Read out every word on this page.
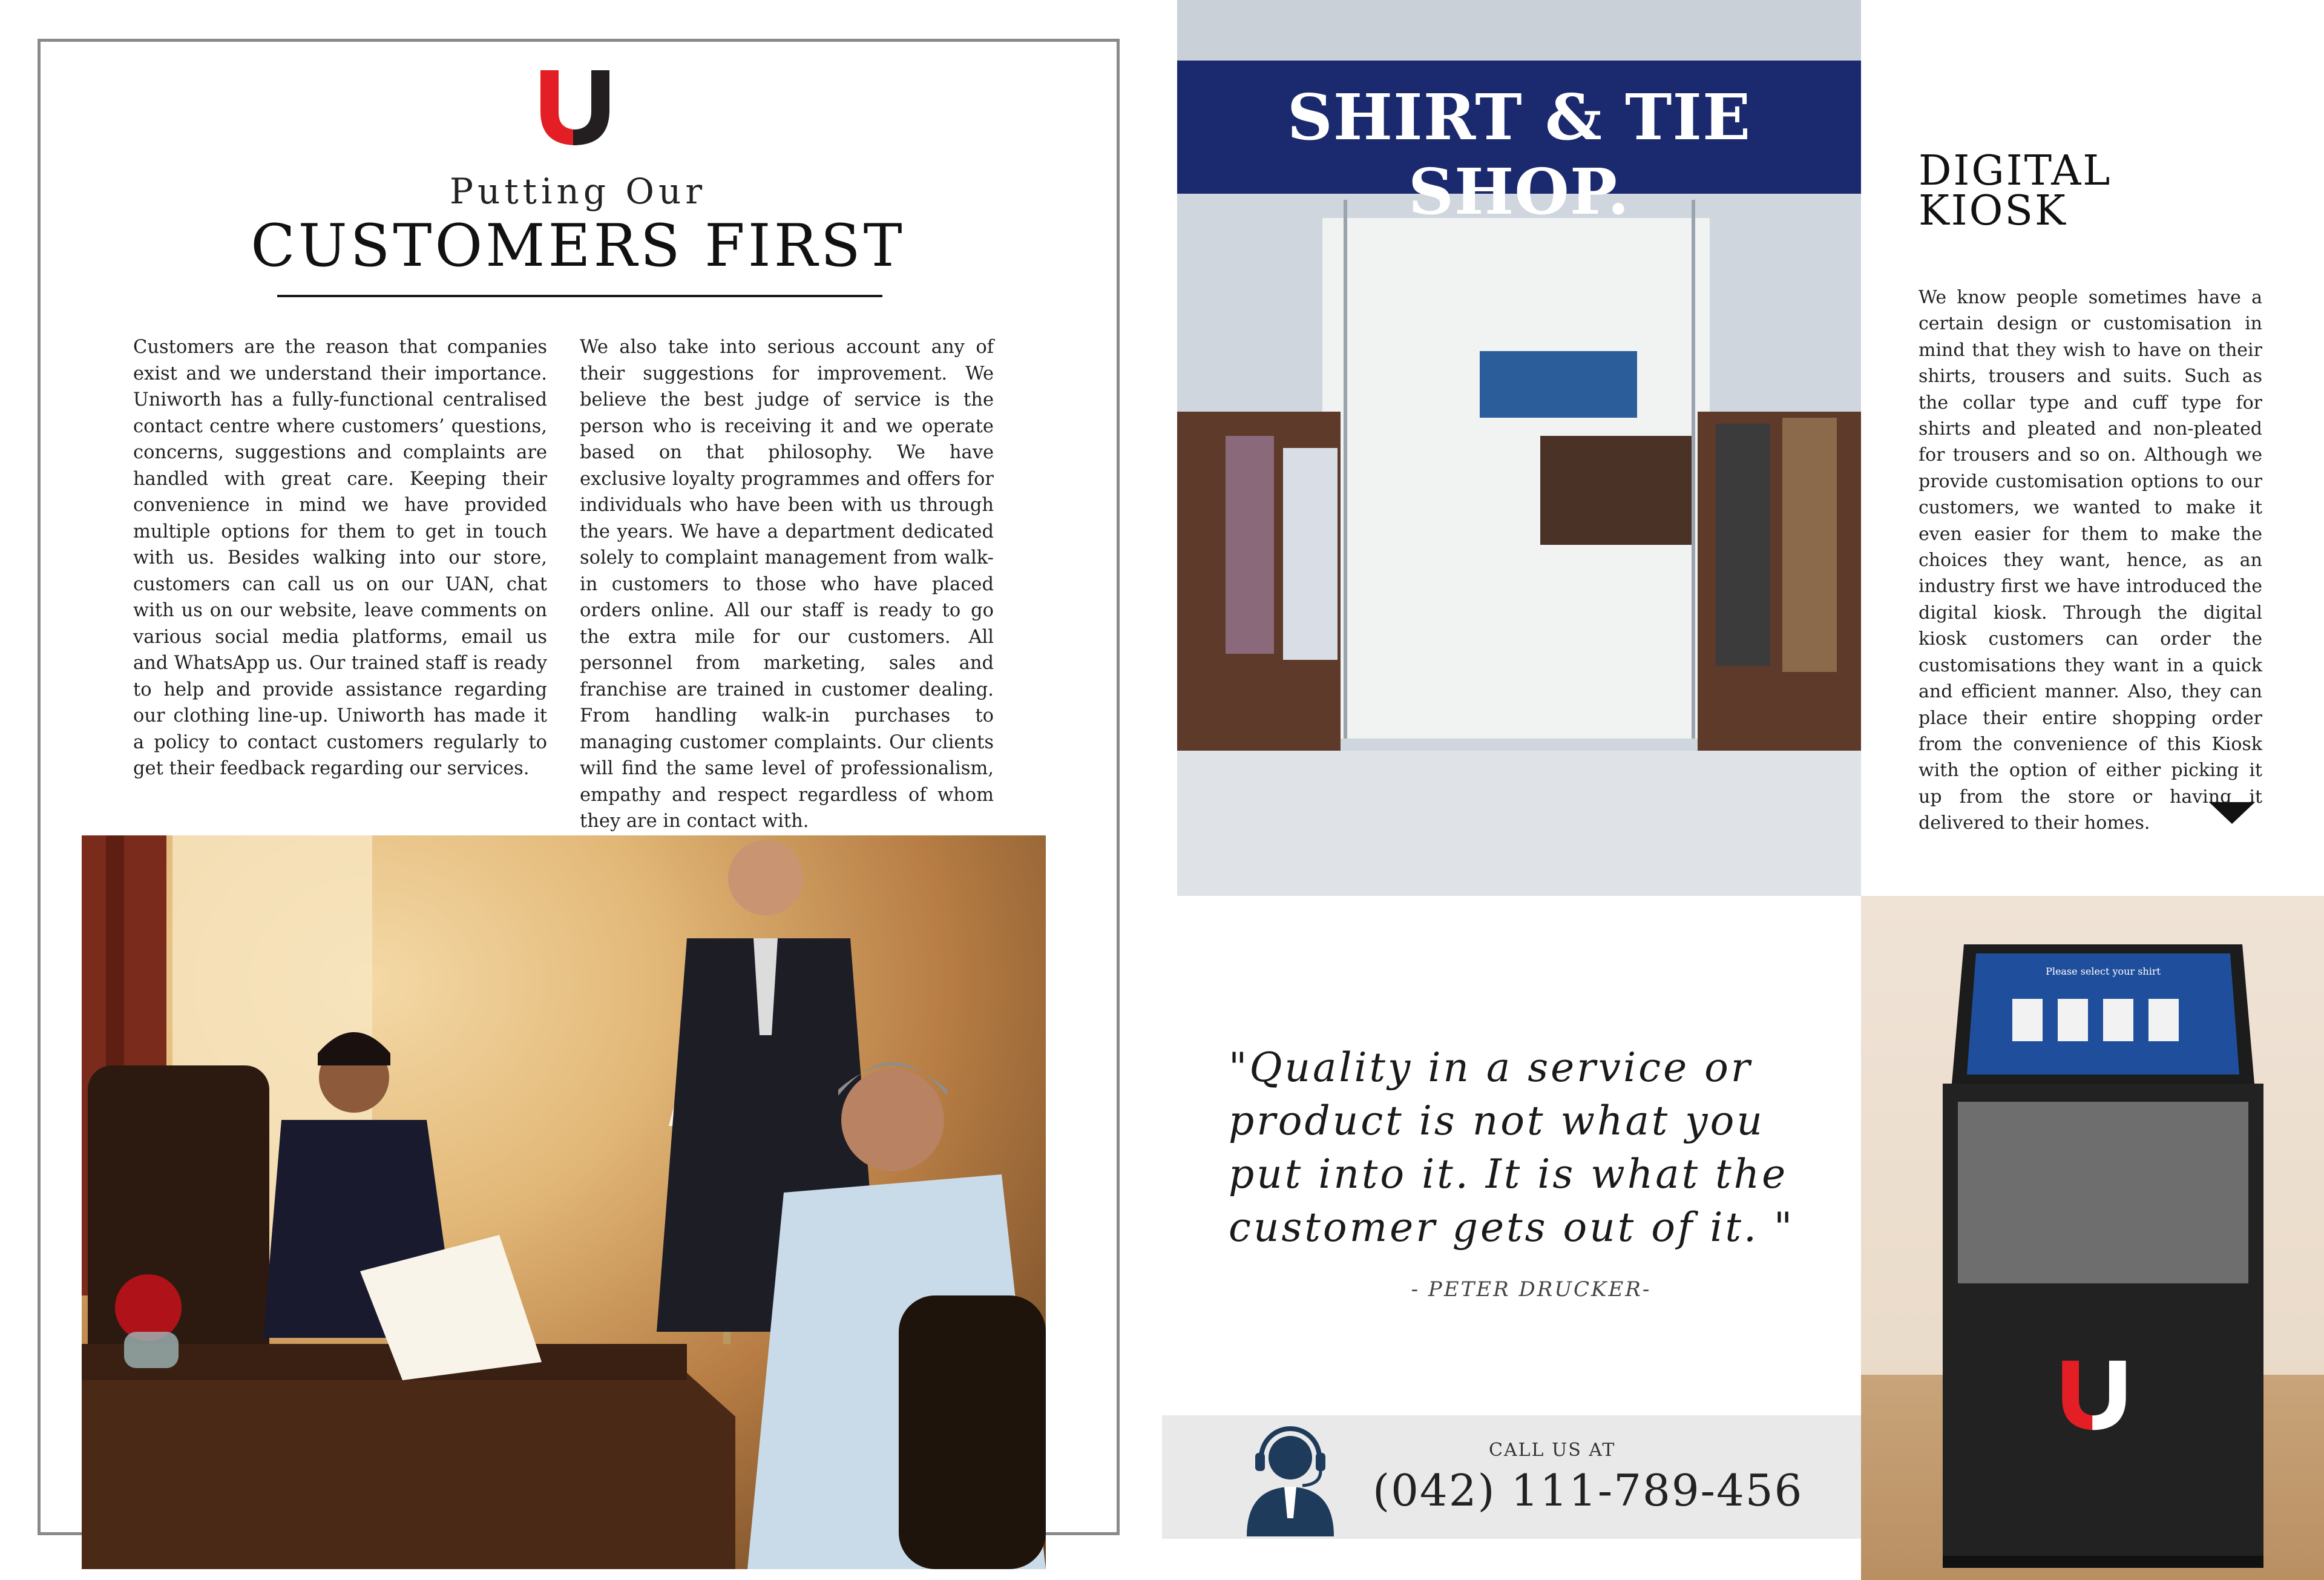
Putting Our
CUSTOMERS FIRST
Customers are the reason that companies exist and we understand their importance. Uniworth has a fully-functional centralised contact centre where customers’ questions, concerns, suggestions and complaints are handled with great care. Keeping their convenience in mind we have provided multiple options for them to get in touch with us. Besides walking into our store, customers can call us on our UAN, chat with us on our website, leave comments on various social media platforms, email us and WhatsApp us. Our trained staff is ready to help and provide assistance regarding our clothing line-up. Uniworth has made it a policy to contact customers regularly to get their feedback regarding our services.
We also take into serious account any of their suggestions for improvement. We believe the best judge of service is the person who is receiving it and we operate based on that philosophy. We have exclusive loyalty programmes and offers for individuals who have been with us through the years. We have a department dedicated solely to complaint management from walk-in customers to those who have placed orders online. All our staff is ready to go the extra mile for our customers. All personnel from marketing, sales and franchise are trained in customer dealing. From handling walk-in purchases to managing customer complaints. Our clients will find the same level of professionalism, empathy and respect regardless of whom they are in contact with.
SHIRT & TIE SHOP.	DIGITAL KIOSK
We know people sometimes have a certain design or customisation in mind that they wish to have on their shirts, trousers and suits. Such as the collar type and cuff type for shirts and pleated and non-pleated for trousers and so on. Although we provide customisation options to our customers, we wanted to make it even easier for them to make the choices they want, hence, as an industry first we have introduced the digital kiosk. Through the digital kiosk customers can order the customisations they want in a quick and efficient manner. Also, they can place their entire shopping order from the convenience of this Kiosk with the option of either picking it up from the store or having it delivered to their homes.
Please select your shirt
"Quality in a service or product is not what you put into it. It is what the customer gets out of it. "
- PETER DRUCKER-
CALL US AT
(042) 111-789-456
